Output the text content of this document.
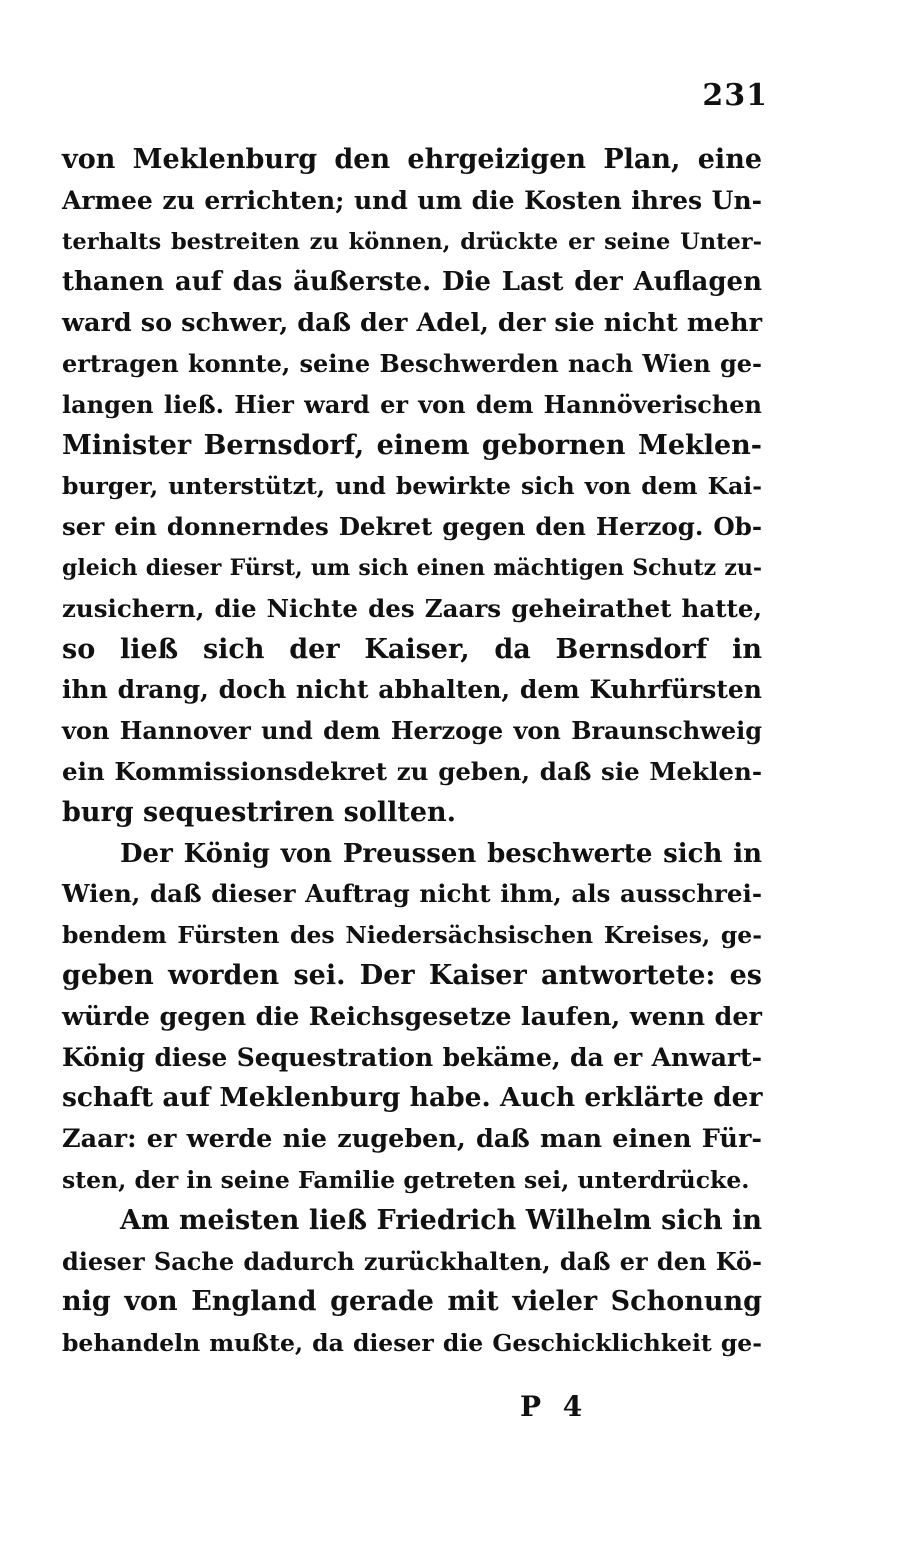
231
von Meklenburg den ehrgeizigen Plan, eine
Armee zu errichten; und um die Kosten ihres Un-
terhalts bestreiten zu können, drückte er seine Unter-
thanen auf das äußerste. Die Last der Auflagen
ward so schwer, daß der Adel, der sie nicht mehr
ertragen konnte, seine Beschwerden nach Wien ge-
langen ließ. Hier ward er von dem Hannöverischen
Minister Bernsdorf, einem gebornen Meklen-
burger, unterstützt, und bewirkte sich von dem Kai-
ser ein donnerndes Dekret gegen den Herzog. Ob-
gleich dieser Fürst, um sich einen mächtigen Schutz zu-
zusichern, die Nichte des Zaars geheirathet hatte,
so ließ sich der Kaiser, da Bernsdorf in
ihn drang, doch nicht abhalten, dem Kuhrfürsten
von Hannover und dem Herzoge von Braunschweig
ein Kommissionsdekret zu geben, daß sie Meklen-
burg sequestriren sollten.
Der König von Preussen beschwerte sich in
Wien, daß dieser Auftrag nicht ihm, als ausschrei-
bendem Fürsten des Niedersächsischen Kreises, ge-
geben worden sei. Der Kaiser antwortete: es
würde gegen die Reichsgesetze laufen, wenn der
König diese Sequestration bekäme, da er Anwart-
schaft auf Meklenburg habe. Auch erklärte der
Zaar: er werde nie zugeben, daß man einen Für-
sten, der in seine Familie getreten sei, unterdrücke.
Am meisten ließ Friedrich Wilhelm sich in
dieser Sache dadurch zurückhalten, daß er den Kö-
nig von England gerade mit vieler Schonung
behandeln mußte, da dieser die Geschicklichkeit ge-
P 4
